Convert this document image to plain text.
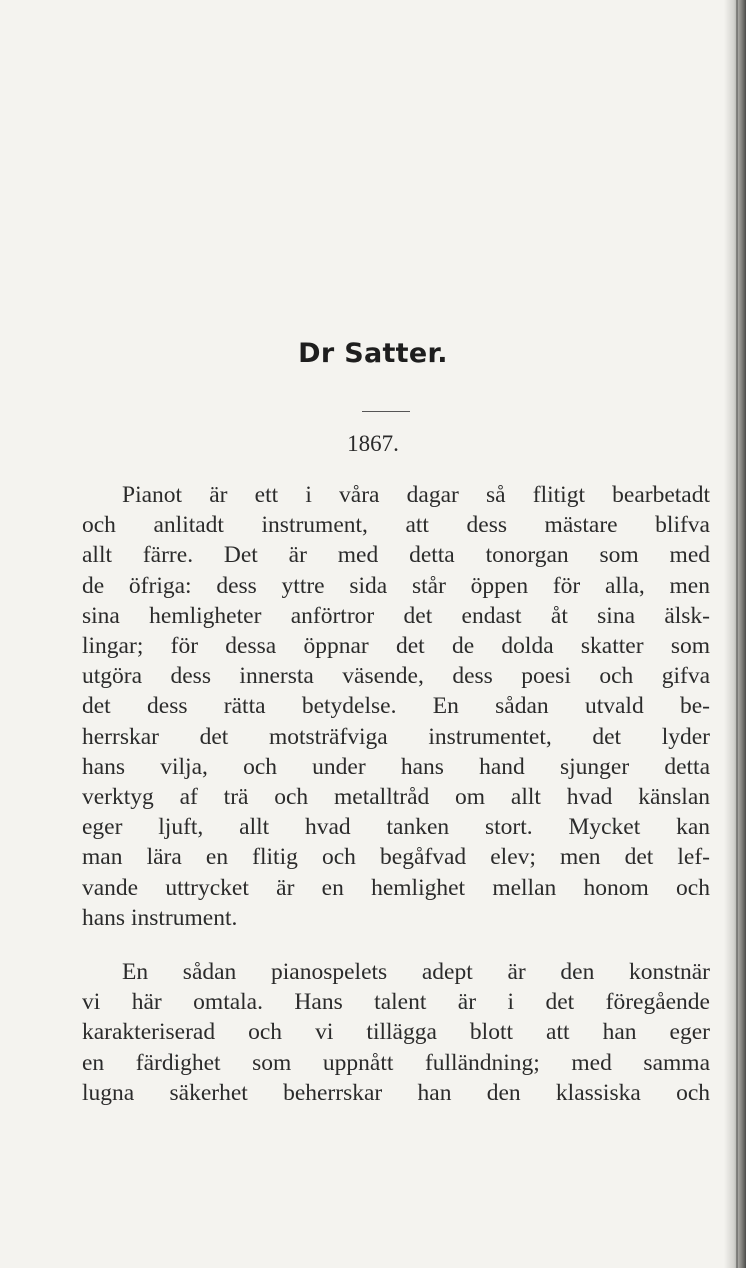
Dr Satter.

1867.

Pianot är ett i våra dagar så flitigt bearbetadt
och anlitadt instrument, att dess mästare blifva
allt färre. Det är med detta tonorgan som med
de öfriga: dess yttre sida står öppen för alla, men
sina hemligheter anförtror det endast åt sina älsk-
lingar; för dessa öppnar det de dolda skatter som
utgöra dess innersta väsende, dess poesi och gifva
det dess rätta betydelse. En sådan utvald be-
herrskar det motsträfviga instrumentet, det lyder
hans vilja, och under hans hand sjunger detta
verktyg af trä och metalltråd om allt hvad känslan
eger ljuft, allt hvad tanken stort. Mycket kan
man lära en flitig och begåfvad elev; men det lef-
vande uttrycket är en hemlighet mellan honom och
hans instrument.

En sådan pianospelets adept är den konstnär
vi här omtala. Hans talent är i det föregående
karakteriserad och vi tillägga blott att han eger
en färdighet som uppnått fulländning; med samma
lugna säkerhet beherrskar han den klassiska och
